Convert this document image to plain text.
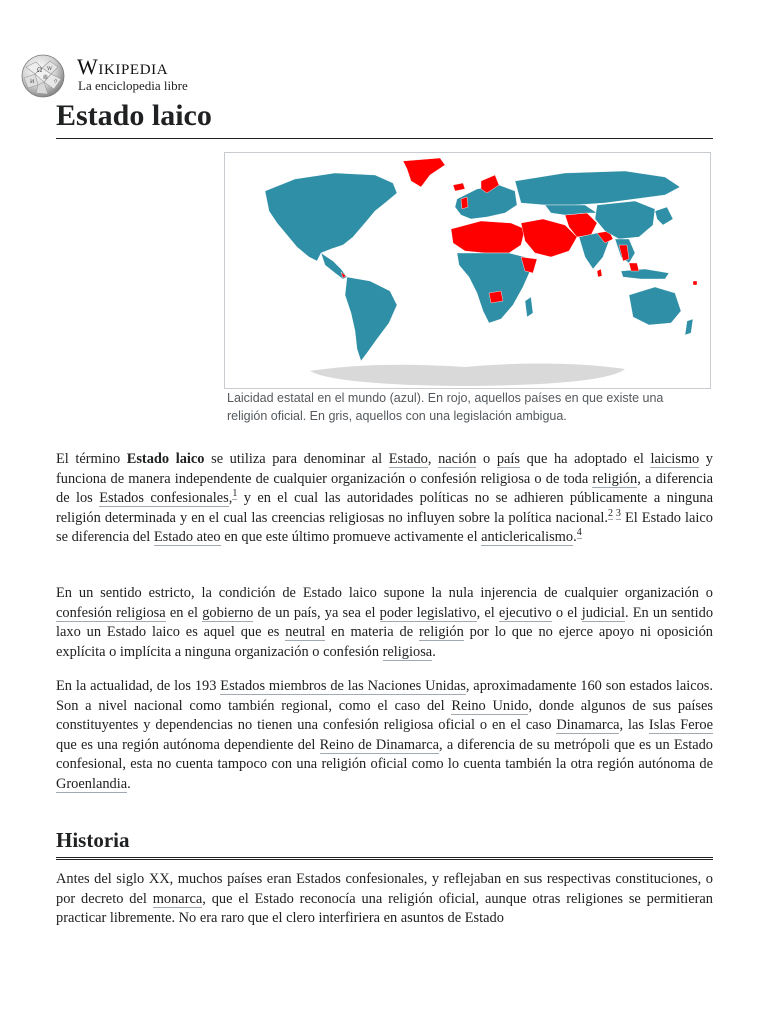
Ω W
И
維
ウ
Wikipedia
La enciclopedia libre
Estado laico
Laicidad estatal en el mundo (azul). En rojo, aquellos países en que existe una religión oficial. En gris, aquellos con una legislación ambigua.

El término Estado laico se utiliza para denominar al Estado, nación o país que ha adoptado el laicismo y funciona de manera independente de cualquier organización o confesión religiosa o de toda religión, a diferencia de los Estados confesionales,$^1$ y en el cual las autoridades políticas no se adhieren públicamente a ninguna religión determinada y en el cual las creencias religiosas no influyen sobre la política nacional.$^2$  $^3$ El Estado laico se diferencia del Estado ateo en que este último promueve activamente el anticlericalismo.$^4$

En un sentido estricto, la condición de Estado laico supone la nula injerencia de cualquier organización o confesión religiosa en el gobierno de un país, ya sea el poder legislativo, el ejecutivo o el judicial. En un sentido laxo un Estado laico es aquel que es neutral en materia de religión por lo que no ejerce apoyo ni oposición explícita o implícita a ninguna organización o confesión religiosa.

En la actualidad, de los 193 Estados miembros de las Naciones Unidas, aproximadamente 160 son estados laicos. Son a nivel nacional como también regional, como el caso del Reino Unido, donde algunos de sus países constituyentes y dependencias no tienen una confesión religiosa oficial o en el caso Dinamarca, las Islas Feroe que es una región autónoma dependiente del Reino de Dinamarca, a diferencia de su metrópoli que es un Estado confesional, esta no cuenta tampoco con una religión oficial como lo cuenta también la otra región autónoma de Groenlandia.

Historia

Antes del siglo XX, muchos países eran Estados confesionales, y reflejaban en sus respectivas constituciones, o por decreto del monarca, que el Estado reconocía una religión oficial, aunque otras religiones se permitieran practicar libremente. No era raro que el clero interfiriera en asuntos de Estado
